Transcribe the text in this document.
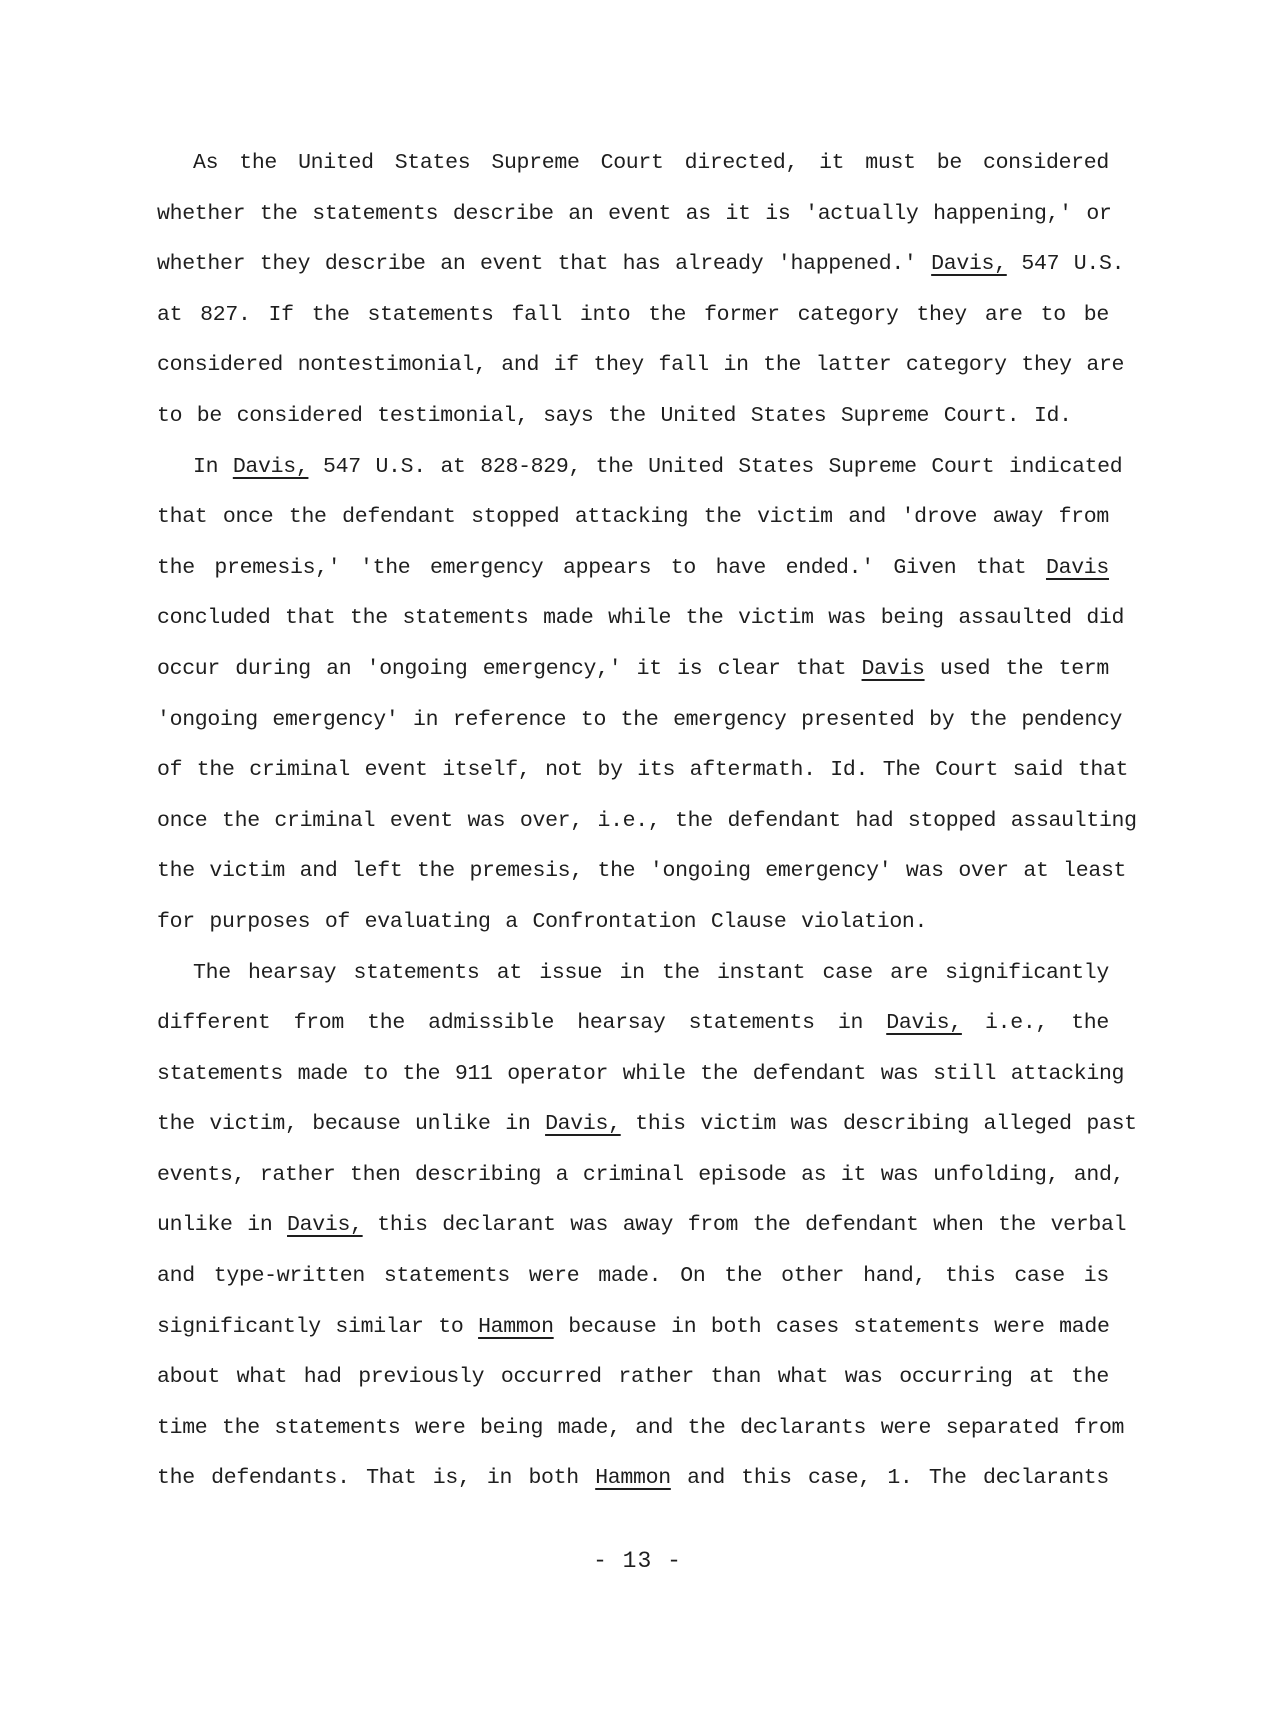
As the United States Supreme Court directed, it must be considered
whether the statements describe an event as it is 'actually happening,' or
whether they describe an event that has already 'happened.' Davis, 547 U.S.
at 827. If the statements fall into the former category they are to be
considered nontestimonial, and if they fall in the latter category they are
to be considered testimonial, says the United States Supreme Court. Id.
In Davis, 547 U.S. at 828-829, the United States Supreme Court indicated
that once the defendant stopped attacking the victim and 'drove away from
the premesis,' 'the emergency appears to have ended.' Given that Davis
concluded that the statements made while the victim was being assaulted did
occur during an 'ongoing emergency,' it is clear that Davis used the term
'ongoing emergency' in reference to the emergency presented by the pendency
of the criminal event itself, not by its aftermath. Id. The Court said that
once the criminal event was over, i.e., the defendant had stopped assaulting
the victim and left the premesis, the 'ongoing emergency' was over at least
for purposes of evaluating a Confrontation Clause violation.
The hearsay statements at issue in the instant case are significantly
different from the admissible hearsay statements in Davis, i.e., the
statements made to the 911 operator while the defendant was still attacking
the victim, because unlike in Davis, this victim was describing alleged past
events, rather then describing a criminal episode as it was unfolding, and,
unlike in Davis, this declarant was away from the defendant when the verbal
and type-written statements were made. On the other hand, this case is
significantly similar to Hammon because in both cases statements were made
about what had previously occurred rather than what was occurring at the
time the statements were being made, and the declarants were separated from
the defendants. That is, in both Hammon and this case, 1. The declarants
- 13 -
